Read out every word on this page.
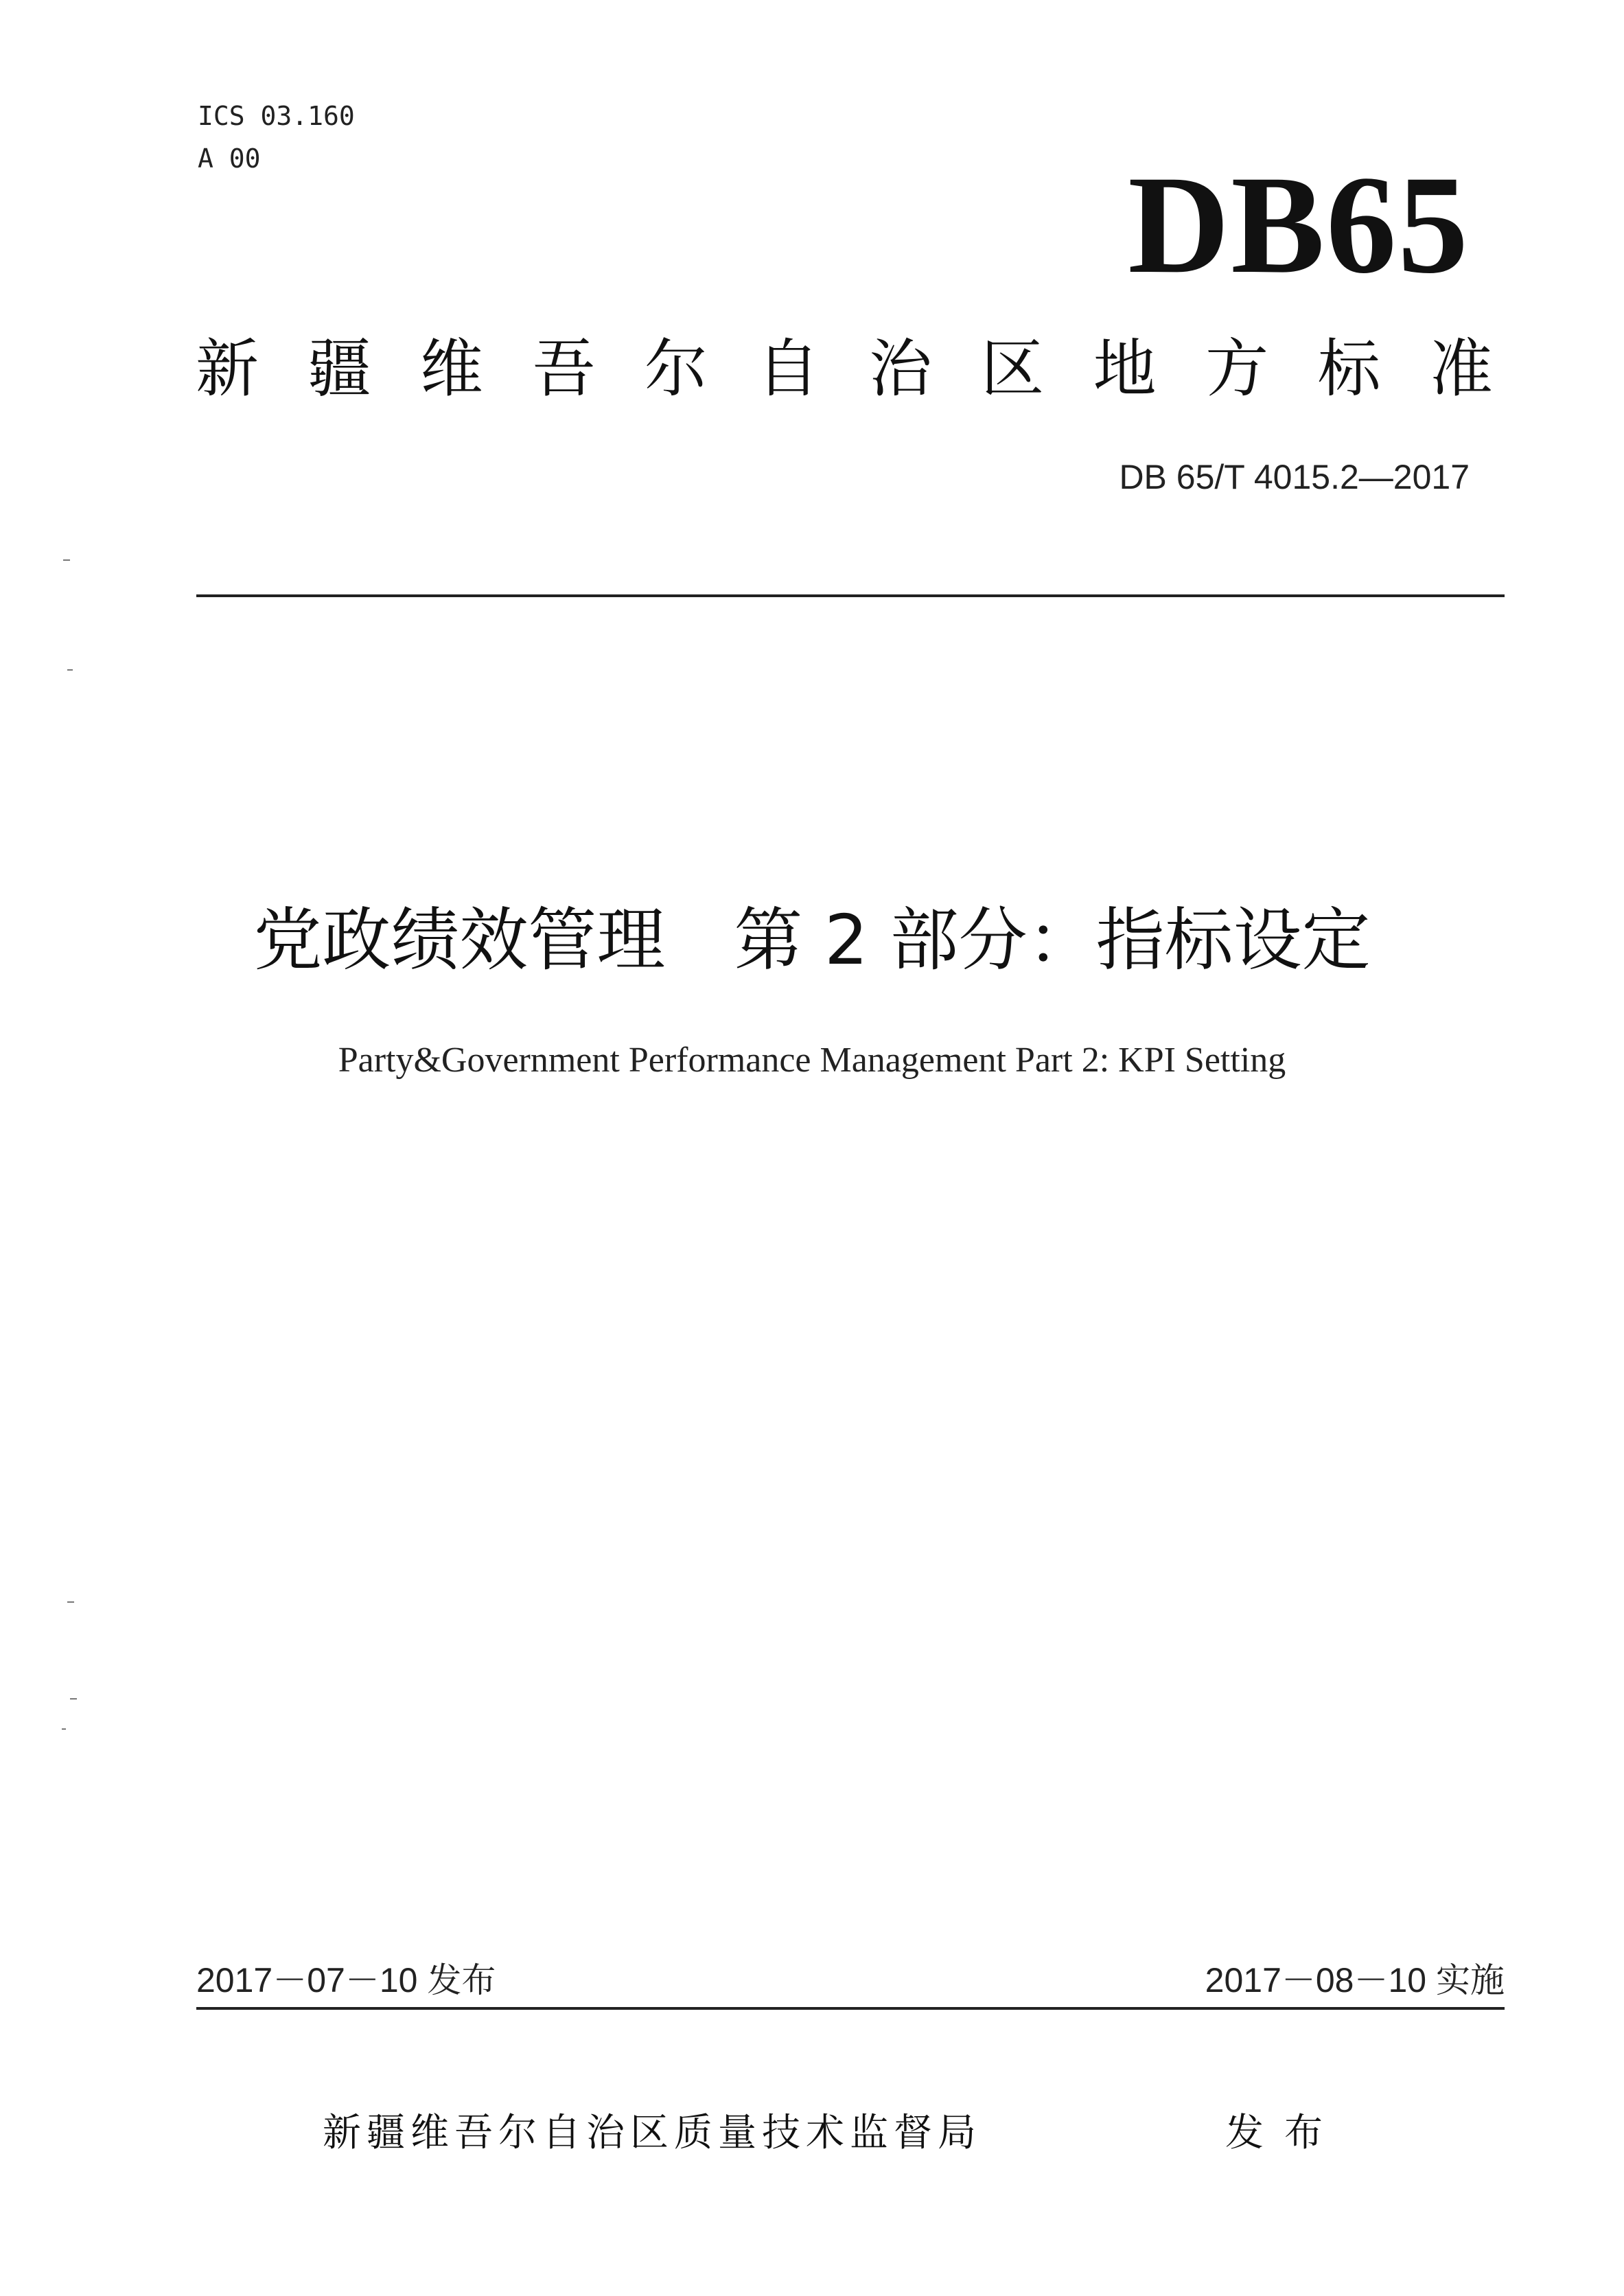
ICS 03.160
A 00	DB65
新 疆 维 吾 尔 自 治 区 地 方 标 准
DB 65/T 4015.2—2017
党政绩效管理　第 2 部分：指标设定
Party&Government Performance Management Part 2: KPI Setting
2017－07－10 发布	2017－08－10 实施
新疆维吾尔自治区质量技术监督局	发布
